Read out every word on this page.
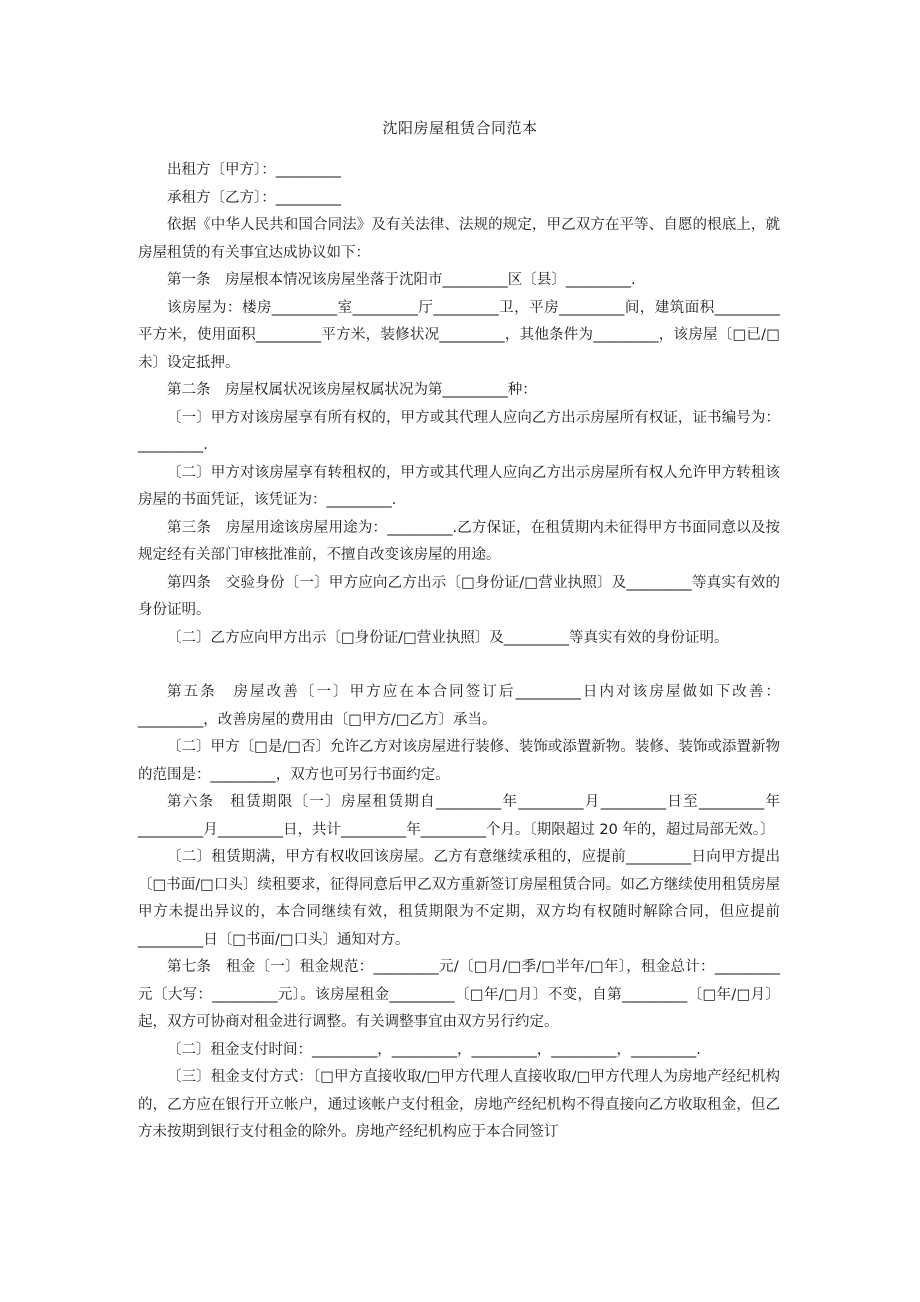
沈阳房屋租赁合同范本

出租方〔甲方〕：_________

承租方〔乙方〕：_________

依据《中华人民共和国合同法》及有关法律、法规的规定，甲乙双方在平等、自愿的根底上，就房屋租赁的有关事宜达成协议如下：

第一条　房屋根本情况该房屋坐落于沈阳市_________区〔县〕_________.

该房屋为：楼房_________室_________厅_________卫，平房_________间，建筑面积_________平方米，使用面积_________平方米，装修状况_________，其他条件为_________，该房屋〔□已/□未〕设定抵押。

第二条　房屋权属状况该房屋权属状况为第_________种：

〔一〕甲方对该房屋享有所有权的，甲方或其代理人应向乙方出示房屋所有权证，证书编号为：_________.

〔二〕甲方对该房屋享有转租权的，甲方或其代理人应向乙方出示房屋所有权人允许甲方转租该房屋的书面凭证，该凭证为：_________.

第三条　房屋用途该房屋用途为：_________.乙方保证，在租赁期内未征得甲方书面同意以及按规定经有关部门审核批准前，不擅自改变该房屋的用途。

第四条　交验身份〔一〕甲方应向乙方出示〔□身份证/□营业执照〕及_________等真实有效的身份证明。

〔二〕乙方应向甲方出示〔□身份证/□营业执照〕及_________等真实有效的身份证明。

第五条　房屋改善〔一〕甲方应在本合同签订后_________日内对该房屋做如下改善：_________，改善房屋的费用由〔□甲方/□乙方〕承当。

〔二〕甲方〔□是/□否〕允许乙方对该房屋进行装修、装饰或添置新物。装修、装饰或添置新物的范围是：_________，双方也可另行书面约定。

第六条　租赁期限〔一〕房屋租赁期自_________年_________月_________日至_________年_________月_________日，共计_________年_________个月。〔期限超过 20 年的，超过局部无效。〕

〔二〕租赁期满，甲方有权收回该房屋。乙方有意继续承租的，应提前_________日向甲方提出〔□书面/□口头〕续租要求，征得同意后甲乙双方重新签订房屋租赁合同。如乙方继续使用租赁房屋甲方未提出异议的，本合同继续有效，租赁期限为不定期，双方均有权随时解除合同，但应提前_________日〔□书面/□口头〕通知对方。

第七条　租金〔一〕租金规范：_________元/〔□月/□季/□半年/□年〕，租金总计：_________元〔大写：_________元〕。该房屋租金_________〔□年/□月〕不变，自第_________〔□年/□月〕起，双方可协商对租金进行调整。有关调整事宜由双方另行约定。

〔二〕租金支付时间：_________，_________，_________，_________，_________.

〔三〕租金支付方式：〔□甲方直接收取/□甲方代理人直接收取/□甲方代理人为房地产经纪机构的，乙方应在银行开立帐户，通过该帐户支付租金，房地产经纪机构不得直接向乙方收取租金，但乙方未按期到银行支付租金的除外。房地产经纪机构应于本合同签订
